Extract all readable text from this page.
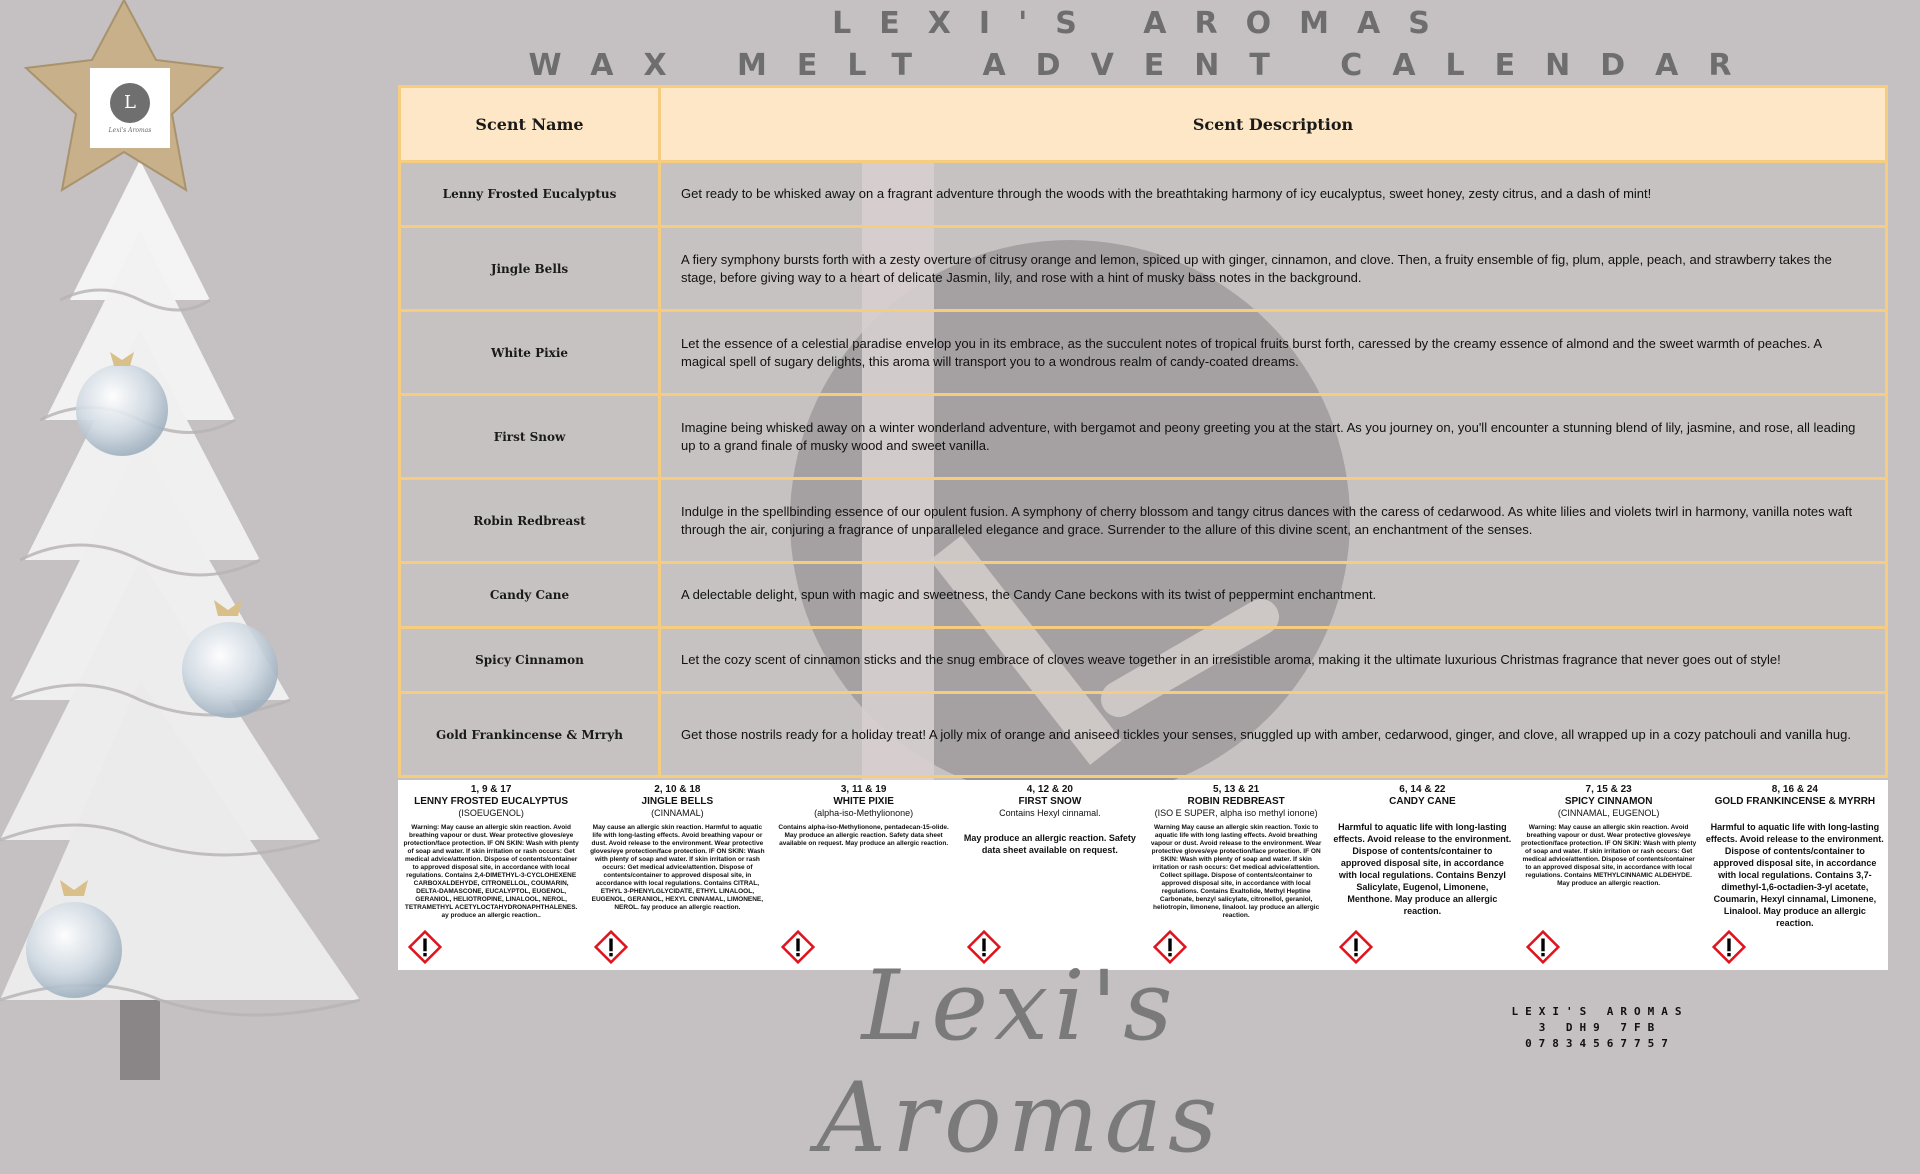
L
Lexi's Aromas
LEXI'S AROMAS
WAX MELT ADVENT CALENDAR
Scent Name	Scent Description
Lenny Frosted Eucalyptus	Get ready to be whisked away on a fragrant adventure through the woods with the breathtaking harmony of icy eucalyptus, sweet honey, zesty citrus, and a dash of mint!
Jingle Bells	A fiery symphony bursts forth with a zesty overture of citrusy orange and lemon, spiced up with ginger, cinnamon, and clove. Then, a fruity ensemble of fig, plum, apple, peach, and strawberry takes the stage, before giving way to a heart of delicate Jasmin, lily, and rose with a hint of musky bass notes in the background.
White Pixie	Let the essence of a celestial paradise envelop you in its embrace, as the succulent notes of tropical fruits burst forth, caressed by the creamy essence of almond and the sweet warmth of peaches. A magical spell of sugary delights, this aroma will transport you to a wondrous realm of candy-coated dreams.
First Snow	Imagine being whisked away on a winter wonderland adventure, with bergamot and peony greeting you at the start. As you journey on, you'll encounter a stunning blend of lily, jasmine, and rose, all leading up to a grand finale of musky wood and sweet vanilla.
Robin Redbreast	Indulge in the spellbinding essence of our opulent fusion. A symphony of cherry blossom and tangy citrus dances with the caress of cedarwood. As white lilies and violets twirl in harmony, vanilla notes waft through the air, conjuring a fragrance of unparalleled elegance and grace. Surrender to the allure of this divine scent, an enchantment of the senses.
Candy Cane	A delectable delight, spun with magic and sweetness, the Candy Cane beckons with its twist of peppermint enchantment.
Spicy Cinnamon	Let the cozy scent of cinnamon sticks and the snug embrace of cloves weave together in an irresistible aroma, making it the ultimate luxurious Christmas fragrance that never goes out of style!
Gold Frankincense & Mrryh	Get those nostrils ready for a holiday treat! A jolly mix of orange and aniseed tickles your senses, snuggled up with amber, cedarwood, ginger, and clove, all wrapped up in a cozy patchouli and vanilla hug.
1, 9 & 17
LENNY FROSTED EUCALYPTUS
(ISOEUGENOL)
Warning: May cause an allergic skin reaction. Avoid breathing vapour or dust. Wear protective gloves/eye protection/face protection. IF ON SKIN: Wash with plenty of soap and water. If skin irritation or rash occurs: Get medical advice/attention. Dispose of contents/container to approved disposal site, in accordance with local regulations. Contains 2,4-DIMETHYL-3-CYCLOHEXENE CARBOXALDEHYDE, CITRONELLOL, COUMARIN, DELTA-DAMASCONE, EUCALYPTOL, EUGENOL, GERANIOL, HELIOTROPINE, LINALOOL, NEROL, TETRAMETHYL ACETYLOCTAHYDRONAPHTHALENES. ay produce an allergic reaction..
2, 10 & 18
JINGLE BELLS
(CINNAMAL)
May cause an allergic skin reaction. Harmful to aquatic life with long-lasting effects. Avoid breathing vapour or dust. Avoid release to the environment. Wear protective gloves/eye protection/face protection. IF ON SKIN: Wash with plenty of soap and water. If skin irritation or rash occurs: Get medical advice/attention. Dispose of contents/container to approved disposal site, in accordance with local regulations. Contains CITRAL, ETHYL 3-PHENYLGLYCIDATE, ETHYL LINALOOL, EUGENOL, GERANIOL, HEXYL CINNAMAL, LIMONENE, NEROL. fay produce an allergic reaction.
3, 11 & 19
WHITE PIXIE
(alpha-iso-Methylionone)
Contains alpha-iso-Methylionone, pentadecan-15-olide. May produce an allergic reaction. Safety data sheet available on request. May produce an allergic reaction.
4, 12 & 20
FIRST SNOW
Contains Hexyl cinnamal.
May produce an allergic reaction. Safety data sheet available on request.
5, 13 & 21
ROBIN REDBREAST
(ISO E SUPER, alpha iso methyl ionone)
Warning May cause an allergic skin reaction. Toxic to aquatic life with long lasting effects. Avoid breathing vapour or dust. Avoid release to the environment. Wear protective gloves/eye protection/face protection. IF ON SKIN: Wash with plenty of soap and water. If skin irritation or rash occurs: Get medical advice/attention. Collect spillage. Dispose of contents/container to approved disposal site, in accordance with local regulations. Contains Exaltolide, Methyl Heptine Carbonate, benzyl salicylate, citronellol, geraniol, heliotropin, limonene, linalool. lay produce an allergic reaction.
6, 14 & 22
CANDY CANE
Harmful to aquatic life with long-lasting effects. Avoid release to the environment. Dispose of contents/container to approved disposal site, in accordance with local regulations. Contains Benzyl Salicylate, Eugenol, Limonene, Menthone. May produce an allergic reaction.
7, 15 & 23
SPICY CINNAMON
(CINNAMAL, EUGENOL)
Warning: May cause an allergic skin reaction. Avoid breathing vapour or dust. Wear protective gloves/eye protection/face protection. IF ON SKIN: Wash with plenty of soap and water. If skin irritation or rash occurs: Get medical advice/attention. Dispose of contents/container to an approved disposal site, in accordance with local regulations. Contains METHYLCINNAMIC ALDEHYDE. May produce an allergic reaction.
8, 16 & 24
GOLD FRANKINCENSE & MYRRH
Harmful to aquatic life with long-lasting effects. Avoid release to the environment. Dispose of contents/container to approved disposal site, in accordance with local regulations. Contains 3,7-dimethyl-1,6-octadien-3-yl acetate, Coumarin, Hexyl cinnamal, Limonene, Linalool. May produce an allergic reaction.
Lexi's Aromas
LEXI'S AROMAS
3 DH9 7FB
07834567757
